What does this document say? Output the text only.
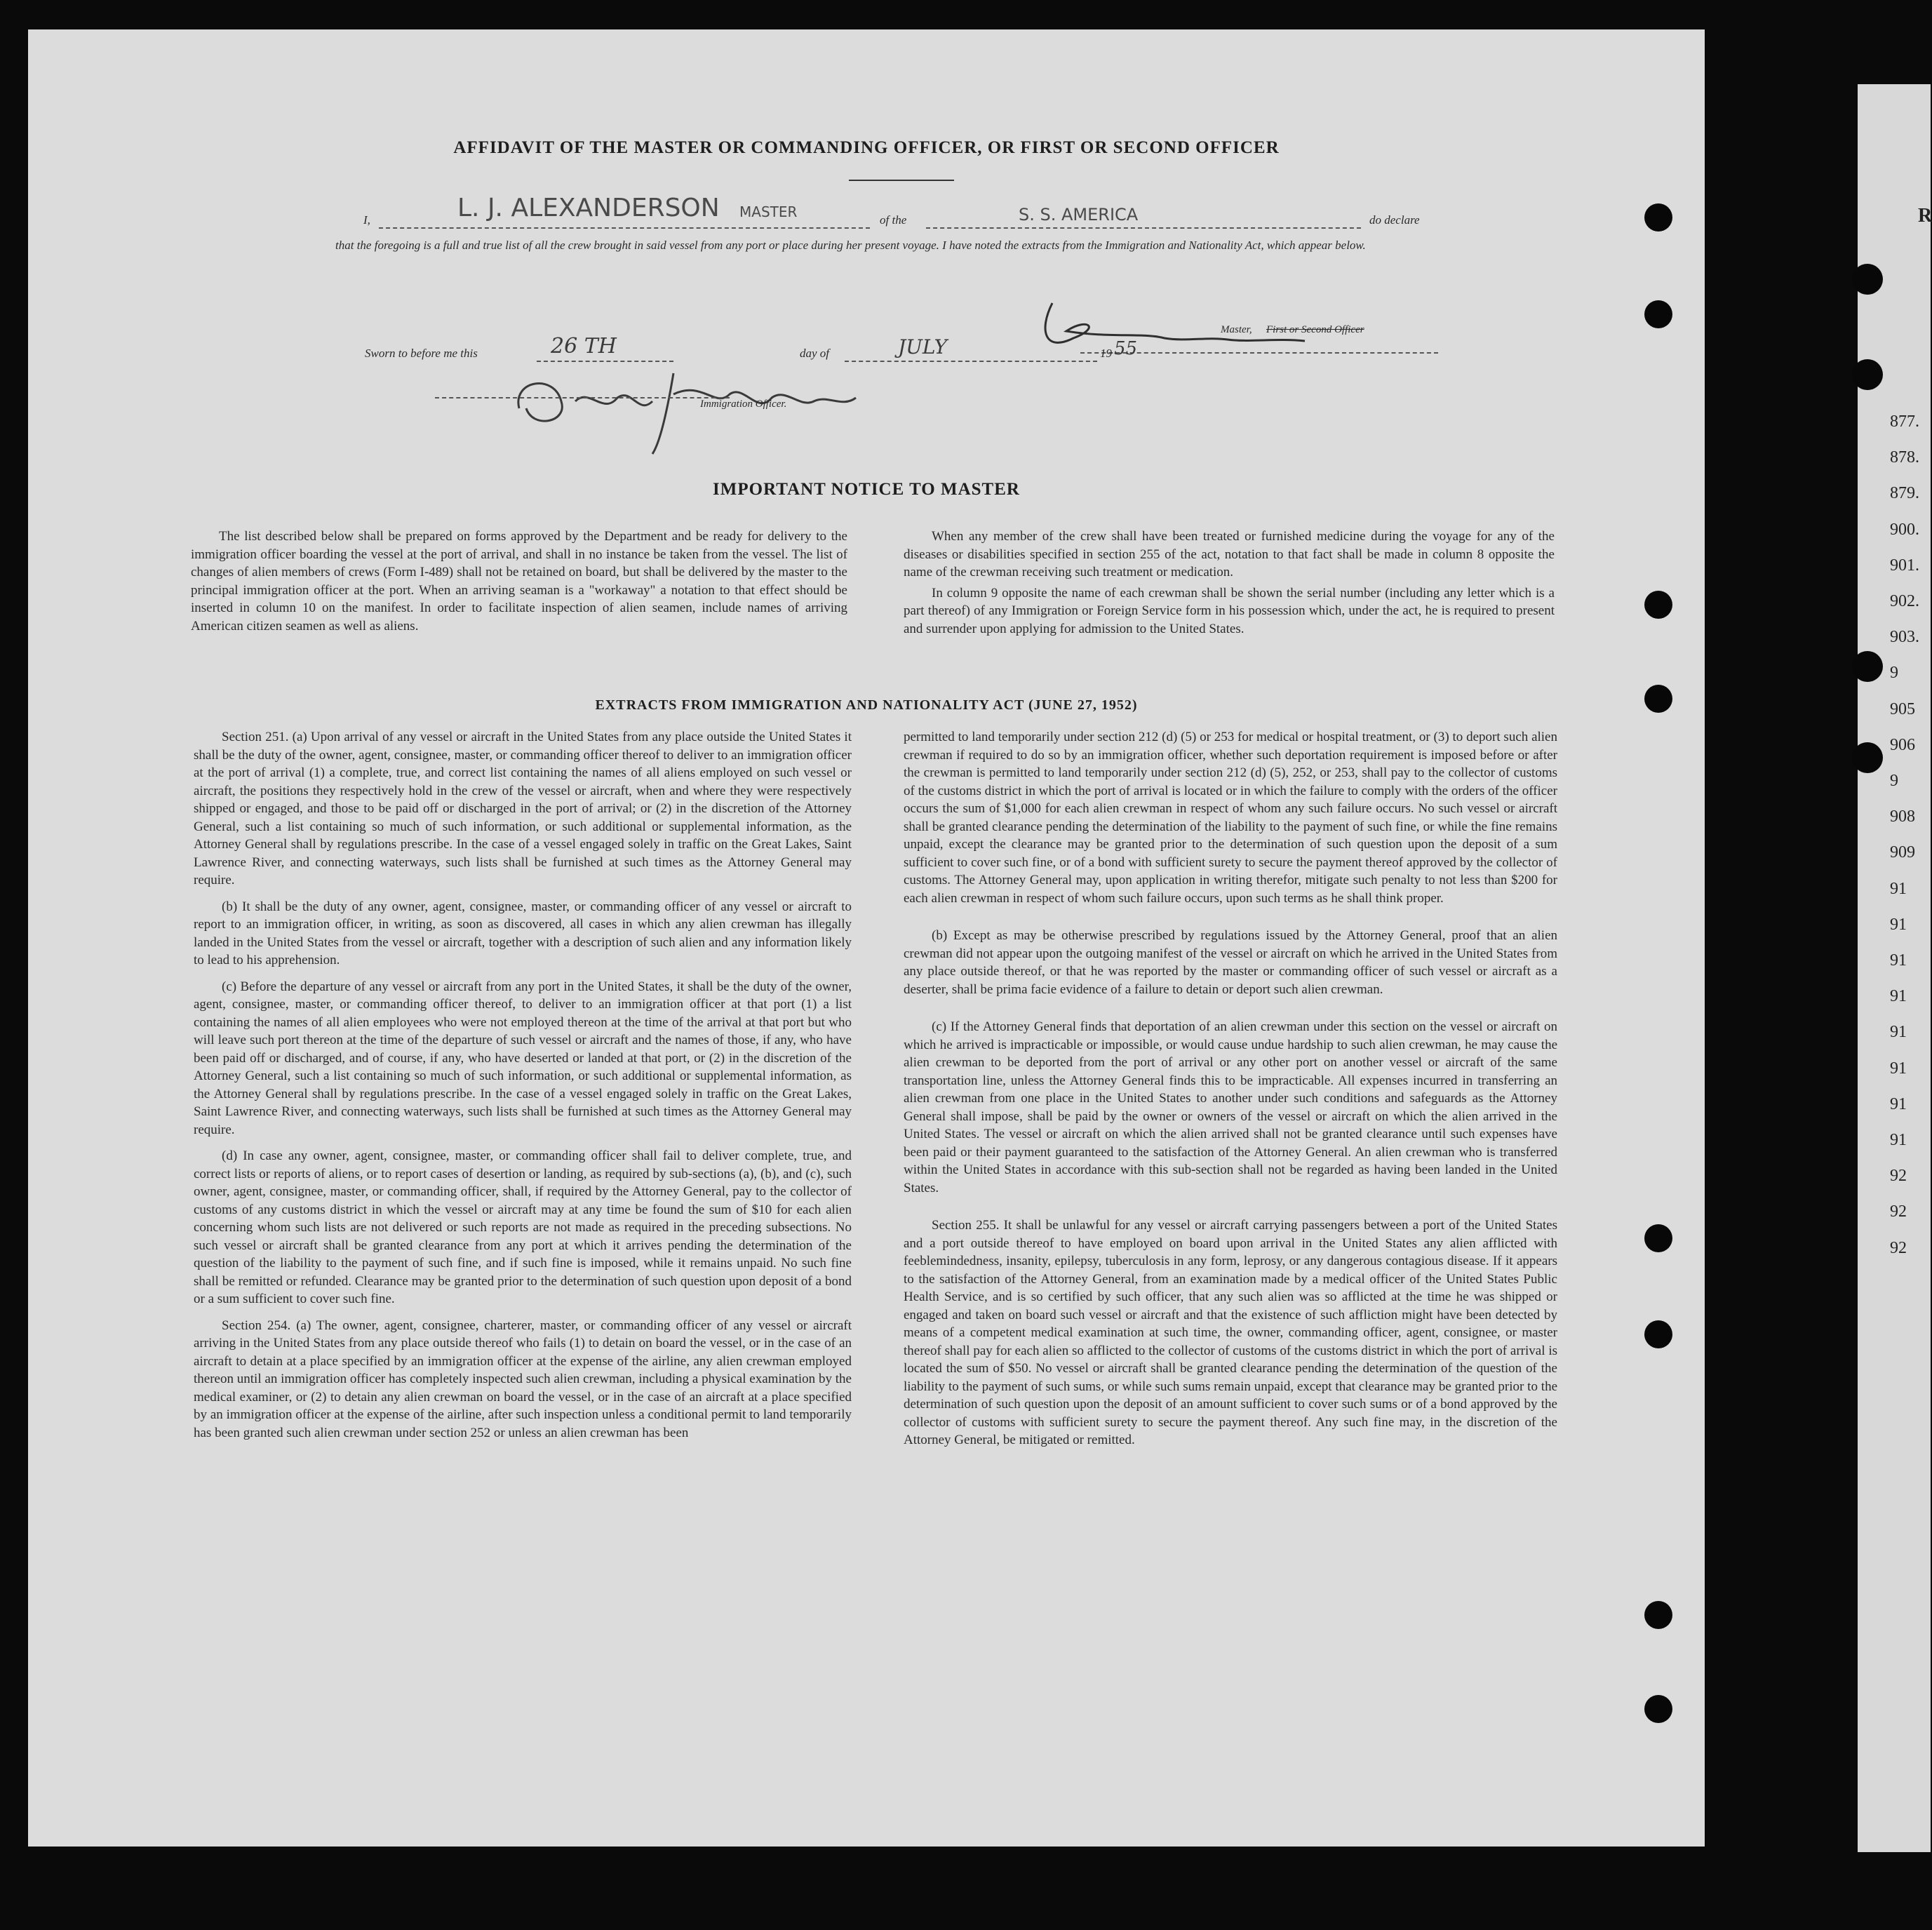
AFFIDAVIT OF THE MASTER OR COMMANDING OFFICER, OR FIRST OR SECOND OFFICER
I,	L. J. ALEXANDERSON MASTER	of the	S. S. AMERICA	do declare
that the foregoing is a full and true list of all the crew brought in said vessel from any port or place during her present voyage. I have noted the extracts from the Immigration and Nationality Act, which appear below.
Master, First or Second Officer
Sworn to before me this	26 TH	day of	JULY	19 55
Immigration Officer.
IMPORTANT NOTICE TO MASTER

The list described below shall be prepared on forms approved by the Department and be ready for delivery to the immigration officer boarding the vessel at the port of arrival, and shall in no instance be taken from the vessel. The list of changes of alien members of crews (Form I-489) shall not be retained on board, but shall be delivered by the master to the principal immigration officer at the port. When an arriving seaman is a "workaway" a notation to that effect should be inserted in column 10 on the manifest. In order to facilitate inspection of alien seamen, include names of arriving American citizen seamen as well as aliens.

When any member of the crew shall have been treated or furnished medicine during the voyage for any of the diseases or disabilities specified in section 255 of the act, notation to that fact shall be made in column 8 opposite the name of the crewman receiving such treatment or medication.

In column 9 opposite the name of each crewman shall be shown the serial number (including any letter which is a part thereof) of any Immigration or Foreign Service form in his possession which, under the act, he is required to present and surrender upon applying for admission to the United States.

EXTRACTS FROM IMMIGRATION AND NATIONALITY ACT (JUNE 27, 1952)

Section 251. (a) Upon arrival of any vessel or aircraft in the United States from any place outside the United States it shall be the duty of the owner, agent, consignee, master, or commanding officer thereof to deliver to an immigration officer at the port of arrival (1) a complete, true, and correct list containing the names of all aliens employed on such vessel or aircraft, the positions they respectively hold in the crew of the vessel or aircraft, when and where they were respectively shipped or engaged, and those to be paid off or discharged in the port of arrival; or (2) in the discretion of the Attorney General, such a list containing so much of such information, or such additional or supplemental information, as the Attorney General shall by regulations prescribe. In the case of a vessel engaged solely in traffic on the Great Lakes, Saint Lawrence River, and connecting waterways, such lists shall be furnished at such times as the Attorney General may require.

(b) It shall be the duty of any owner, agent, consignee, master, or commanding officer of any vessel or aircraft to report to an immigration officer, in writing, as soon as discovered, all cases in which any alien crewman has illegally landed in the United States from the vessel or aircraft, together with a description of such alien and any information likely to lead to his apprehension.

(c) Before the departure of any vessel or aircraft from any port in the United States, it shall be the duty of the owner, agent, consignee, master, or commanding officer thereof, to deliver to an immigration officer at that port (1) a list containing the names of all alien employees who were not employed thereon at the time of the arrival at that port but who will leave such port thereon at the time of the departure of such vessel or aircraft and the names of those, if any, who have been paid off or discharged, and of course, if any, who have deserted or landed at that port, or (2) in the discretion of the Attorney General, such a list containing so much of such information, or such additional or supplemental information, as the Attorney General shall by regulations prescribe. In the case of a vessel engaged solely in traffic on the Great Lakes, Saint Lawrence River, and connecting waterways, such lists shall be furnished at such times as the Attorney General may require.

(d) In case any owner, agent, consignee, master, or commanding officer shall fail to deliver complete, true, and correct lists or reports of aliens, or to report cases of desertion or landing, as required by sub-sections (a), (b), and (c), such owner, agent, consignee, master, or commanding officer, shall, if required by the Attorney General, pay to the collector of customs of any customs district in which the vessel or aircraft may at any time be found the sum of $10 for each alien concerning whom such lists are not delivered or such reports are not made as required in the preceding subsections. No such vessel or aircraft shall be granted clearance from any port at which it arrives pending the determination of the question of the liability to the payment of such fine, and if such fine is imposed, while it remains unpaid. No such fine shall be remitted or refunded. Clearance may be granted prior to the determination of such question upon deposit of a bond or a sum sufficient to cover such fine.

Section 254. (a) The owner, agent, consignee, charterer, master, or commanding officer of any vessel or aircraft arriving in the United States from any place outside thereof who fails (1) to detain on board the vessel, or in the case of an aircraft to detain at a place specified by an immigration officer at the expense of the airline, any alien crewman employed thereon until an immigration officer has completely inspected such alien crewman, including a physical examination by the medical examiner, or (2) to detain any alien crewman on board the vessel, or in the case of an aircraft at a place specified by an immigration officer at the expense of the airline, after such inspection unless a conditional permit to land temporarily has been granted such alien crewman under section 252 or unless an alien crewman has been

permitted to land temporarily under section 212 (d) (5) or 253 for medical or hospital treatment, or (3) to deport such alien crewman if required to do so by an immigration officer, whether such deportation requirement is imposed before or after the crewman is permitted to land temporarily under section 212 (d) (5), 252, or 253, shall pay to the collector of customs of the customs district in which the port of arrival is located or in which the failure to comply with the orders of the officer occurs the sum of $1,000 for each alien crewman in respect of whom any such failure occurs. No such vessel or aircraft shall be granted clearance pending the determination of the liability to the payment of such fine, or while the fine remains unpaid, except the clearance may be granted prior to the determination of such question upon the deposit of a sum sufficient to cover such fine, or of a bond with sufficient surety to secure the payment thereof approved by the collector of customs. The Attorney General may, upon application in writing therefor, mitigate such penalty to not less than $200 for each alien crewman in respect of whom such failure occurs, upon such terms as he shall think proper.

(b) Except as may be otherwise prescribed by regulations issued by the Attorney General, proof that an alien crewman did not appear upon the outgoing manifest of the vessel or aircraft on which he arrived in the United States from any place outside thereof, or that he was reported by the master or commanding officer of such vessel or aircraft as a deserter, shall be prima facie evidence of a failure to detain or deport such alien crewman.

(c) If the Attorney General finds that deportation of an alien crewman under this section on the vessel or aircraft on which he arrived is impracticable or impossible, or would cause undue hardship to such alien crewman, he may cause the alien crewman to be deported from the port of arrival or any other port on another vessel or aircraft of the same transportation line, unless the Attorney General finds this to be impracticable. All expenses incurred in transferring an alien crewman from one place in the United States to another under such conditions and safeguards as the Attorney General shall impose, shall be paid by the owner or owners of the vessel or aircraft on which the alien arrived in the United States. The vessel or aircraft on which the alien arrived shall not be granted clearance until such expenses have been paid or their payment guaranteed to the satisfaction of the Attorney General. An alien crewman who is transferred within the United States in accordance with this sub-section shall not be regarded as having been landed in the United States.

Section 255. It shall be unlawful for any vessel or aircraft carrying passengers between a port of the United States and a port outside thereof to have employed on board upon arrival in the United States any alien afflicted with feeblemindedness, insanity, epilepsy, tuberculosis in any form, leprosy, or any dangerous contagious disease. If it appears to the satisfaction of the Attorney General, from an examination made by a medical officer of the United States Public Health Service, and is so certified by such officer, that any such alien was so afflicted at the time he was shipped or engaged and taken on board such vessel or aircraft and that the existence of such affliction might have been detected by means of a competent medical examination at such time, the owner, commanding officer, agent, consignee, or master thereof shall pay for each alien so afflicted to the collector of customs of the customs district in which the port of arrival is located the sum of $50. No vessel or aircraft shall be granted clearance pending the determination of the question of the liability to the payment of such sums, or while such sums remain unpaid, except that clearance may be granted prior to the determination of such question upon the deposit of an amount sufficient to cover such sums or of a bond approved by the collector of customs with sufficient surety to secure the payment thereof. Any such fine may, in the discretion of the Attorney General, be mitigated or remitted.

R
877.
878.
879.
900.
901.
902.
903.
9
905
906
9
908
909
91
91
91
91
91
91
91
91
92
92
92
